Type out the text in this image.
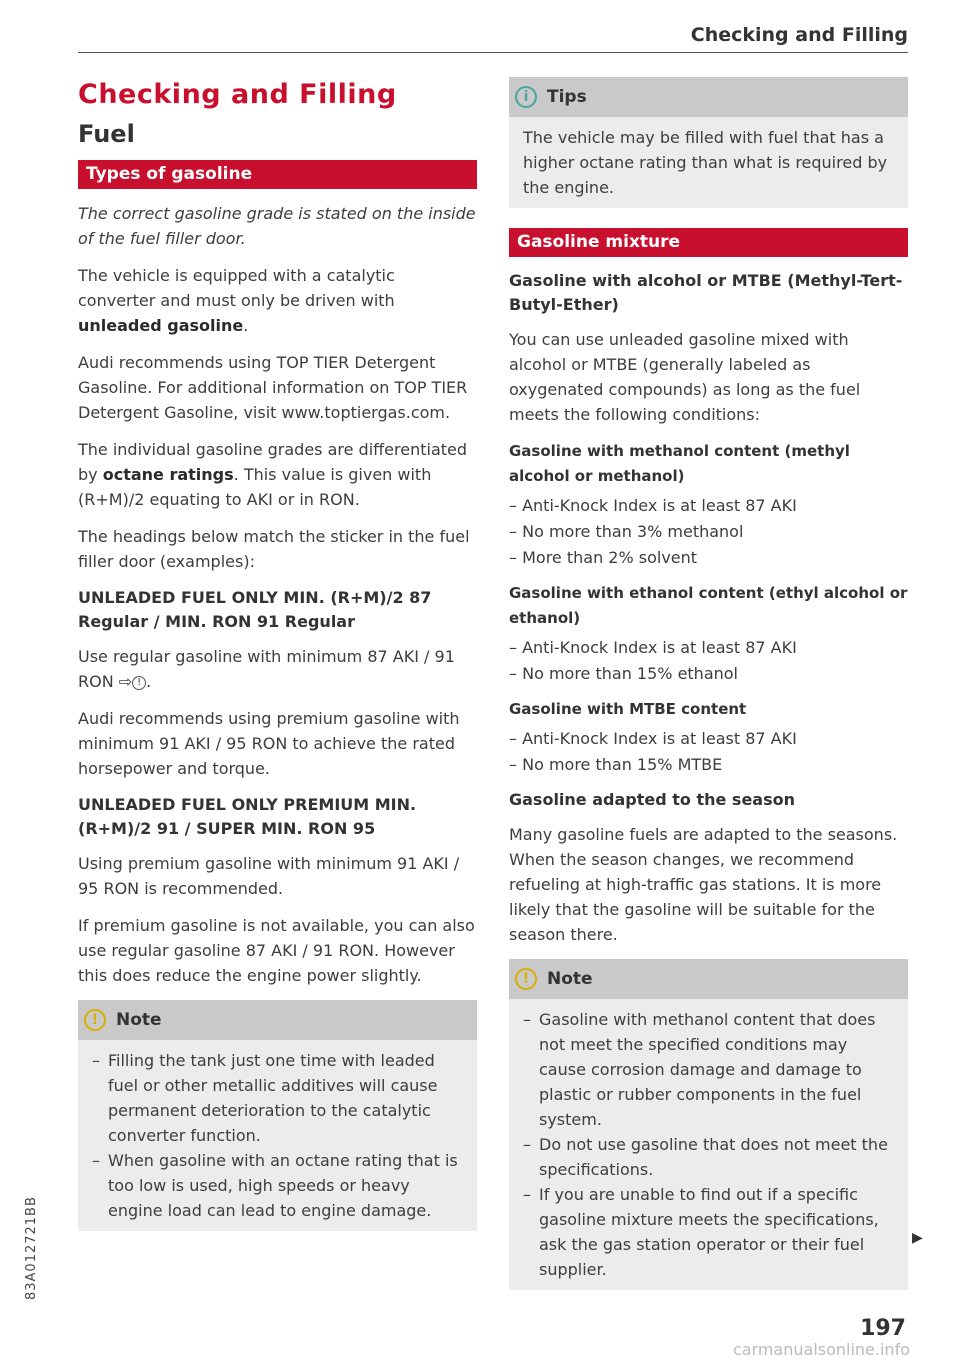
Checking and Filling
Checking and Filling
Fuel
Types of gasoline

The correct gasoline grade is stated on the inside of the fuel filler door.

The vehicle is equipped with a catalytic converter and must only be driven with unleaded gasoline.

Audi recommends using TOP TIER Detergent Gasoline. For additional information on TOP TIER Detergent Gasoline, visit www.toptiergas.com.

The individual gasoline grades are differentiated by octane ratings. This value is given with (R+M)/2 equating to AKI or in RON.

The headings below match the sticker in the fuel filler door (examples):

UNLEADED FUEL ONLY MIN. (R+M)/2 87 Regular / MIN. RON 91 Regular

Use regular gasoline with minimum 87 AKI / 91 RON ⇨ ! .

Audi recommends using premium gasoline with minimum 91 AKI / 95 RON to achieve the rated horsepower and torque.

UNLEADED FUEL ONLY PREMIUM MIN. (R+M)/2 91 / SUPER MIN. RON 95

Using premium gasoline with minimum 91 AKI / 95 RON is recommended.

If premium gasoline is not available, you can also use regular gasoline 87 AKI / 91 RON. However this does reduce the engine power slightly.

!	Note
– Filling the tank just one time with leaded fuel or other metallic additives will cause permanent deterioration to the catalytic converter function.
– When gasoline with an octane rating that is too low is used, high speeds or heavy engine load can lead to engine damage.
i	Tips
The vehicle may be filled with fuel that has a higher octane rating than what is required by the engine.
Gasoline mixture
Gasoline with alcohol or MTBE (Methyl-Tert-Butyl-Ether)

You can use unleaded gasoline mixed with alcohol or MTBE (generally labeled as oxygenated compounds) as long as the fuel meets the following conditions:

Gasoline with methanol content (methyl alcohol or methanol)
– Anti-Knock Index is at least 87 AKI
– No more than 3% methanol
– More than 2% solvent
Gasoline with ethanol content (ethyl alcohol or ethanol)
– Anti-Knock Index is at least 87 AKI
– No more than 15% ethanol
Gasoline with MTBE content
– Anti-Knock Index is at least 87 AKI
– No more than 15% MTBE
Gasoline adapted to the season

Many gasoline fuels are adapted to the seasons. When the season changes, we recommend refueling at high-traffic gas stations. It is more likely that the gasoline will be suitable for the season there.

!	Note
– Gasoline with methanol content that does not meet the specified conditions may cause corrosion damage and damage to plastic or rubber components in the fuel system.
– Do not use gasoline that does not meet the specifications.
– If you are unable to find out if a specific gasoline mixture meets the specifications, ask the gas station operator or their fuel supplier.
▶
83A012721BB
197
carmanualsonline.info
